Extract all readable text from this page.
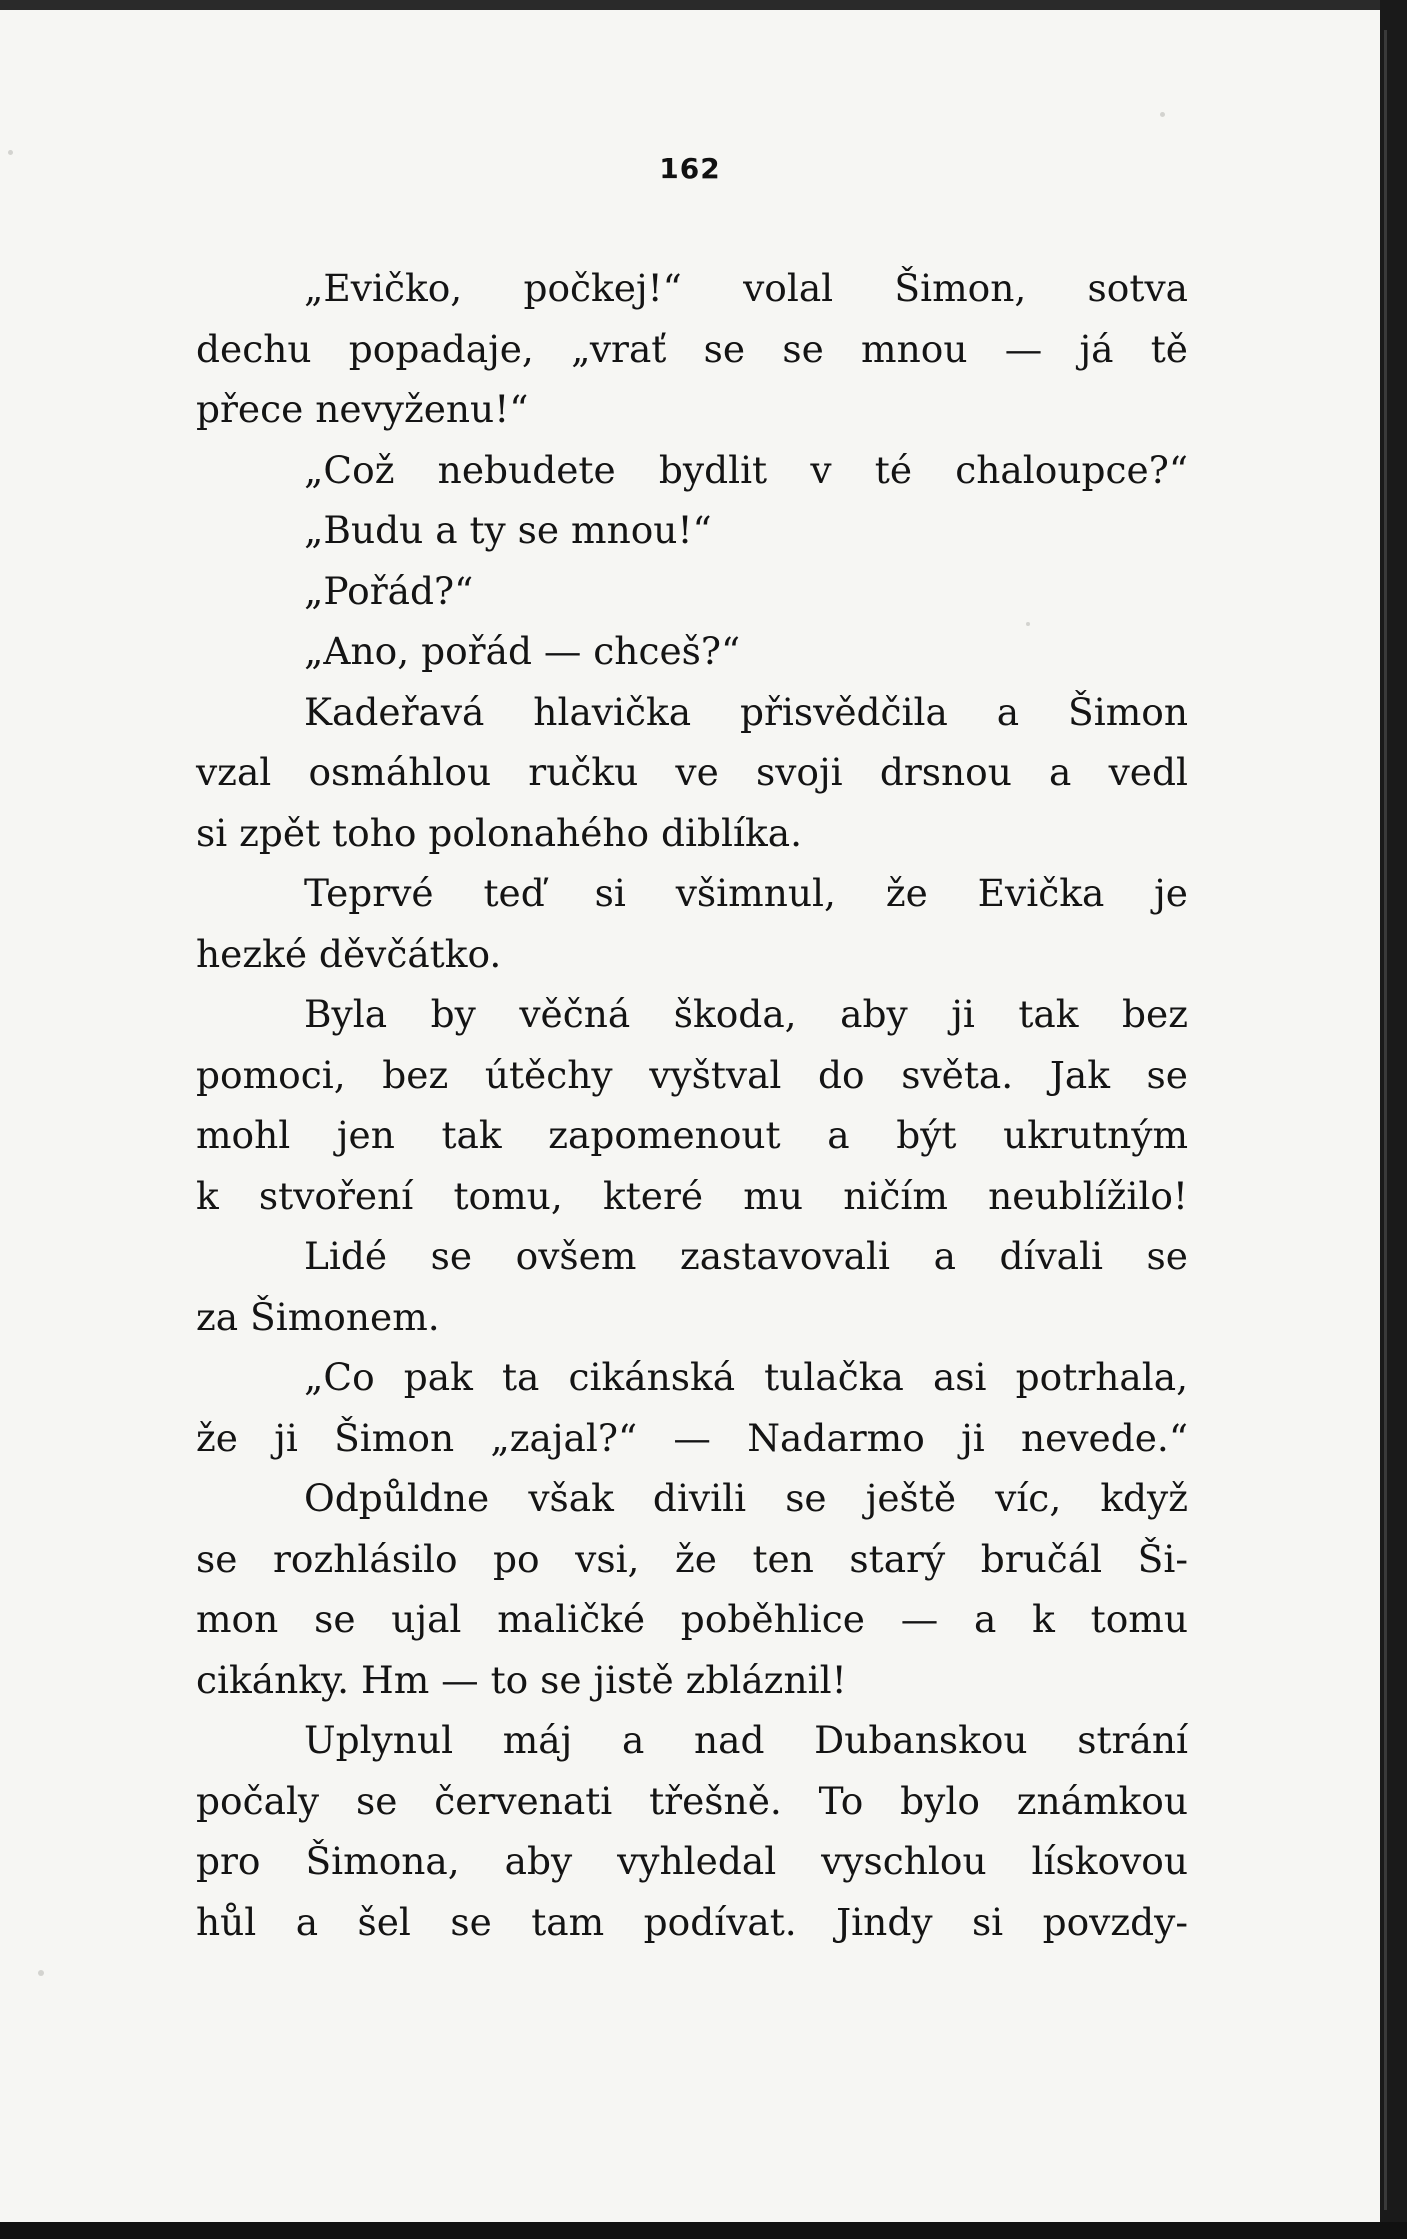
162
„Evičko, počkej!“ volal Šimon, sotva
dechu popadaje, „vrať se se mnou — já tě
přece nevyženu!“
„Což nebudete bydlit v té chaloupce?“
„Budu a ty se mnou!“
„Pořád?“
„Ano, pořád — chceš?“
Kadeřavá hlavička přisvědčila a Šimon
vzal osmáhlou ručku ve svoji drsnou a vedl
si zpět toho polonahého diblíka.
Teprvé teď si všimnul, že Evička je
hezké děvčátko.
Byla by věčná škoda, aby ji tak bez
pomoci, bez útěchy vyštval do světa. Jak se
mohl jen tak zapomenout a být ukrutným
k stvoření tomu, které mu ničím neublížilo!
Lidé se ovšem zastavovali a dívali se
za Šimonem.
„Co pak ta cikánská tulačka asi potrhala,
že ji Šimon „zajal?“ — Nadarmo ji nevede.“
Odpůldne však divili se ještě víc, když
se rozhlásilo po vsi, že ten starý bručál Ši-
mon se ujal maličké poběhlice — a k tomu
cikánky. Hm — to se jistě zbláznil!
Uplynul máj a nad Dubanskou strání
počaly se červenati třešně. To bylo známkou
pro Šimona, aby vyhledal vyschlou lískovou
hůl a šel se tam podívat. Jindy si povzdy-
